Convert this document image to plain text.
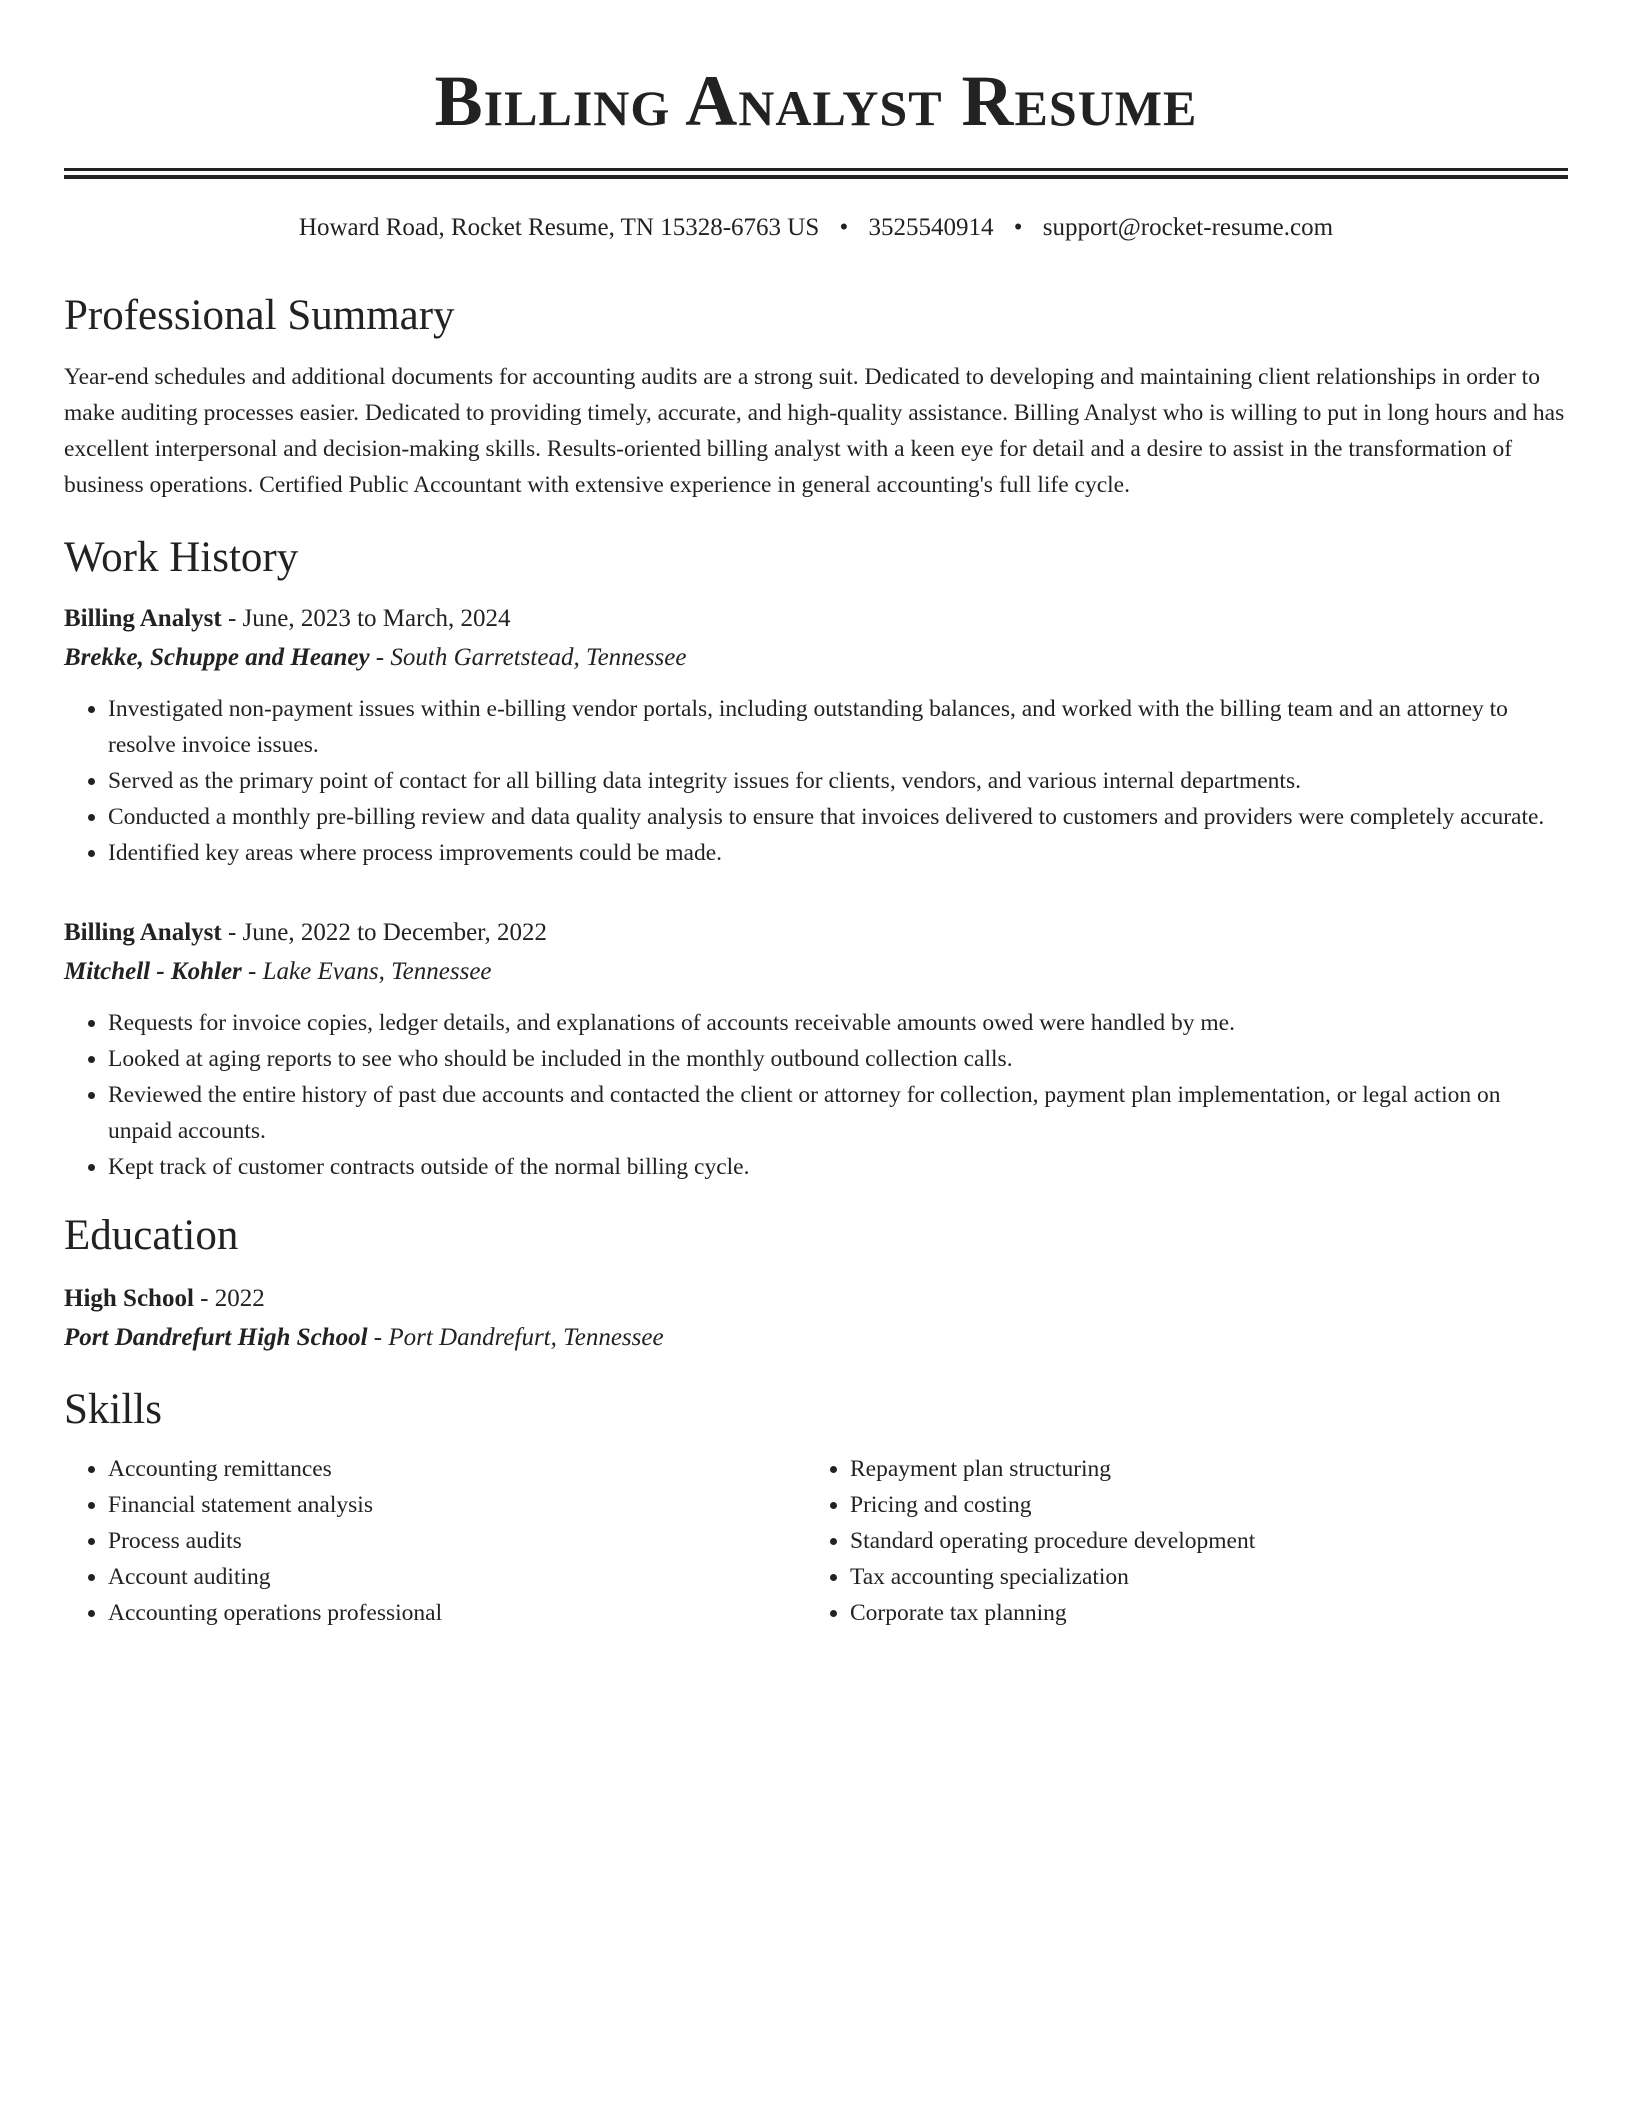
Billing Analyst Resume
Howard Road, Rocket Resume, TN 15328-6763 US • 3525540914 • support@rocket-resume.com
Professional Summary

Year-end schedules and additional documents for accounting audits are a strong suit. Dedicated to developing and maintaining client relationships in order to make auditing processes easier. Dedicated to providing timely, accurate, and high-quality assistance. Billing Analyst who is willing to put in long hours and has excellent interpersonal and decision-making skills. Results-oriented billing analyst with a keen eye for detail and a desire to assist in the transformation of business operations. Certified Public Accountant with extensive experience in general accounting's full life cycle.

Work History
Billing Analyst - June, 2023 to March, 2024
Brekke, Schuppe and Heaney - South Garretstead, Tennessee
• Investigated non-payment issues within e-billing vendor portals, including outstanding balances, and worked with the billing team and an attorney to resolve invoice issues.
• Served as the primary point of contact for all billing data integrity issues for clients, vendors, and various internal departments.
• Conducted a monthly pre-billing review and data quality analysis to ensure that invoices delivered to customers and providers were completely accurate.
• Identified key areas where process improvements could be made.
Billing Analyst - June, 2022 to December, 2022
Mitchell - Kohler - Lake Evans, Tennessee
• Requests for invoice copies, ledger details, and explanations of accounts receivable amounts owed were handled by me.
• Looked at aging reports to see who should be included in the monthly outbound collection calls.
• Reviewed the entire history of past due accounts and contacted the client or attorney for collection, payment plan implementation, or legal action on unpaid accounts.
• Kept track of customer contracts outside of the normal billing cycle.
Education
High School - 2022
Port Dandrefurt High School - Port Dandrefurt, Tennessee
Skills
• Accounting remittances
• Financial statement analysis
• Process audits
• Account auditing
• Accounting operations professional
• Repayment plan structuring
• Pricing and costing
• Standard operating procedure development
• Tax accounting specialization
• Corporate tax planning
